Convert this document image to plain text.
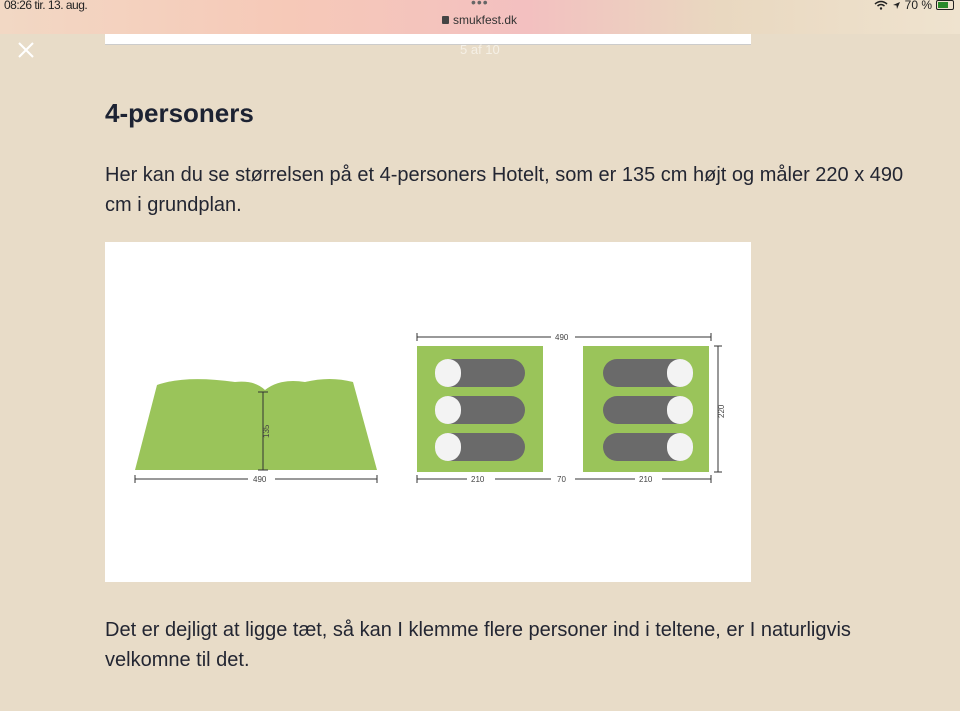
08:26 tir. 13. aug.	•••
smukfest.dk
70 %
5 af 10
4-personers

Her kan du se størrelsen på et 4-personers Hotelt, som er 135 cm højt og måler 220 x 490 cm i grundplan.

135
490
490
220
210	70	210

Det er dejligt at ligge tæt, så kan I klemme flere personer ind i teltene, er I naturligvis velkomne til det.
